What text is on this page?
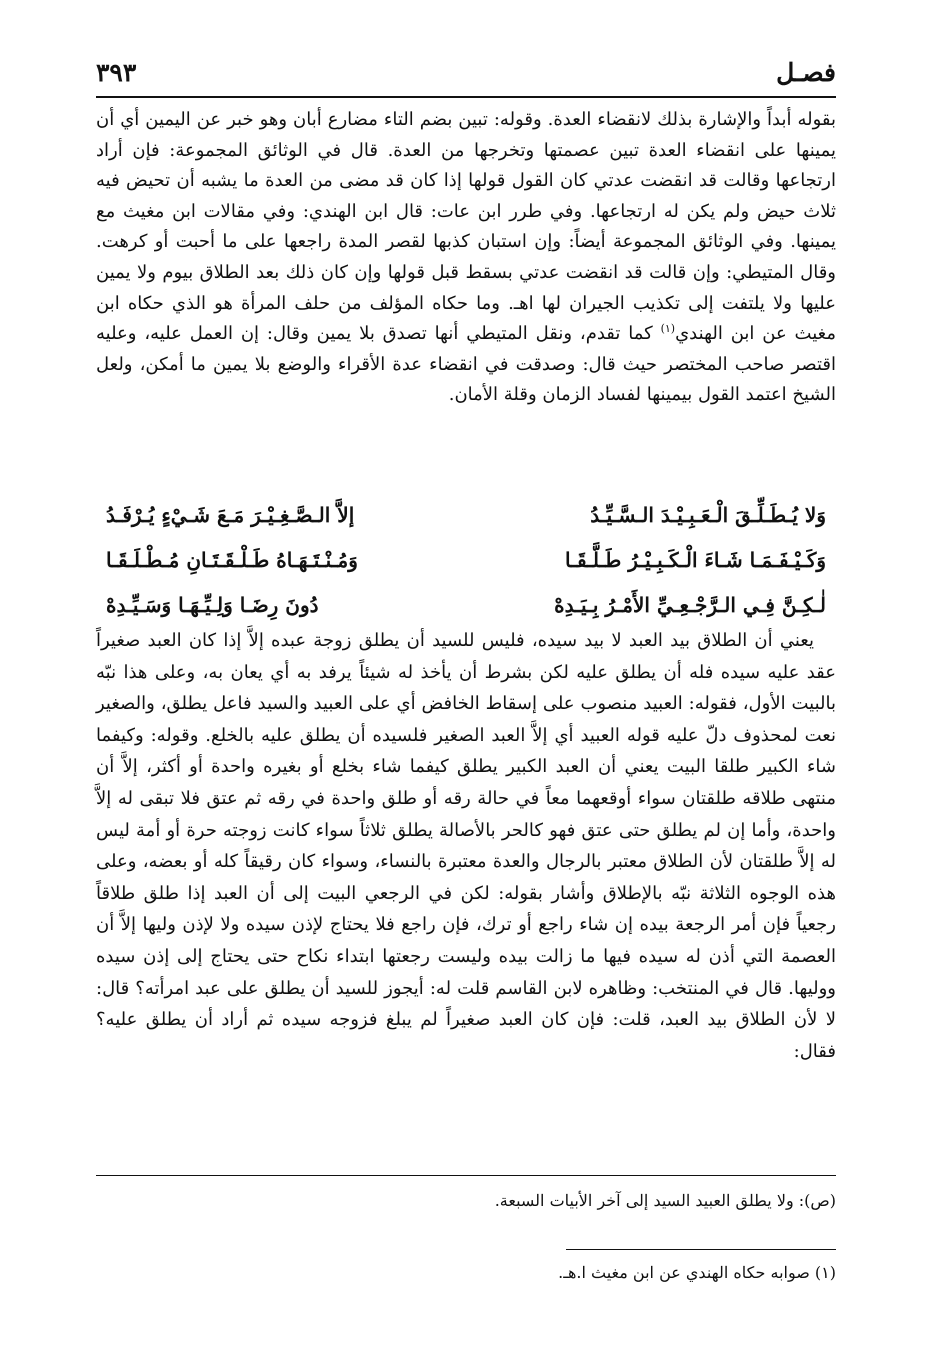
فصـل
٣٩٣

بقوله أبداً والإشارة بذلك لانقضاء العدة. وقوله: تبين بضم التاء مضارع أبان وهو خبر عن اليمين أي أن يمينها على انقضاء العدة تبين عصمتها وتخرجها من العدة. قال في الوثائق المجموعة: فإن أراد ارتجاعها وقالت قد انقضت عدتي كان القول قولها إذا كان قد مضى من العدة ما يشبه أن تحيض فيه ثلاث حيض ولم يكن له ارتجاعها. وفي طرر ابن عات: قال ابن الهندي: وفي مقالات ابن مغيث مع يمينها. وفي الوثائق المجموعة أيضاً: وإن استبان كذبها لقصر المدة راجعها على ما أحبت أو كرهت. وقال المتيطي: وإن قالت قد انقضت عدتي بسقط قبل قولها وإن كان ذلك بعد الطلاق بيوم ولا يمين عليها ولا يلتفت إلى تكذيب الجيران لها اهـ. وما حكاه المؤلف من حلف المرأة هو الذي حكاه ابن مغيث عن ابن الهندي$^{(١)}$ كما تقدم، ونقل المتيطي أنها تصدق بلا يمين وقال: إن العمل عليه، وعليه اقتصر صاحب المختصر حيث قال: وصدقت في انقضاء عدة الأقراء والوضع بلا يمين ما أمكن، ولعل الشيخ اعتمد القول بيمينها لفساد الزمان وقلة الأمان.

وَلا يُـطَـلِّـقَ الْـعَـبِـيْـدَ الـسَّـيِّـدُ
إلاَّ الـصَّـغِـيْـرَ مَـعَ شَـيْءٍ يُـرْفَـدُ
وَكَـيْـفَـمَـا شَـاءَ الْـكَـبِـيْـرُ طَـلَّـقَـا
وَمُـنْـتَـهَـاهُ طَـلْـقَـتَـانِ مُـطْـلَـقَـا
لٰـكِـنَّ فِـي الـرَّجْـعِـيِّ الأَمْـرُ بِـيَـدِهْ
دُونَ رِضَـا وَلِـيِّـهَـا وَسَـيِّـدِهْ

يعني أن الطلاق بيد العبد لا بيد سيده، فليس للسيد أن يطلق زوجة عبده إلاَّ إذا كان العبد صغيراً عقد عليه سيده فله أن يطلق عليه لكن بشرط أن يأخذ له شيئاً يرفد به أي يعان به، وعلى هذا نبّه بالبيت الأول، فقوله: العبيد منصوب على إسقاط الخافض أي على العبيد والسيد فاعل يطلق، والصغير نعت لمحذوف دلّ عليه قوله العبيد أي إلاَّ العبد الصغير فلسيده أن يطلق عليه بالخلع. وقوله: وكيفما شاء الكبير طلقا البيت يعني أن العبد الكبير يطلق كيفما شاء بخلع أو بغيره واحدة أو أكثر، إلاَّ أن منتهى طلاقه طلقتان سواء أوقعهما معاً في حالة رقه أو طلق واحدة في رقه ثم عتق فلا تبقى له إلاَّ واحدة، وأما إن لم يطلق حتى عتق فهو كالحر بالأصالة يطلق ثلاثاً سواء كانت زوجته حرة أو أمة ليس له إلاَّ طلقتان لأن الطلاق معتبر بالرجال والعدة معتبرة بالنساء، وسواء كان رقيقاً كله أو بعضه، وعلى هذه الوجوه الثلاثة نبّه بالإطلاق وأشار بقوله: لكن في الرجعي البيت إلى أن العبد إذا طلق طلاقاً رجعياً فإن أمر الرجعة بيده إن شاء راجع أو ترك، فإن راجع فلا يحتاج لإذن سيده ولا لإذن وليها إلاَّ أن العصمة التي أذن له سيده فيها ما زالت بيده وليست رجعتها ابتداء نكاح حتى يحتاج إلى إذن سيده ووليها. قال في المنتخب: وظاهره لابن القاسم قلت له: أيجوز للسيد أن يطلق على عبد امرأته؟ قال: لا لأن الطلاق بيد العبد، قلت: فإن كان العبد صغيراً لم يبلغ فزوجه سيده ثم أراد أن يطلق عليه؟ فقال:

(ص): ولا يطلق العبيد السيد إلى آخر الأبيات السبعة.
(١) صوابه حكاه الهندي عن ابن مغيث ا.هـ.
